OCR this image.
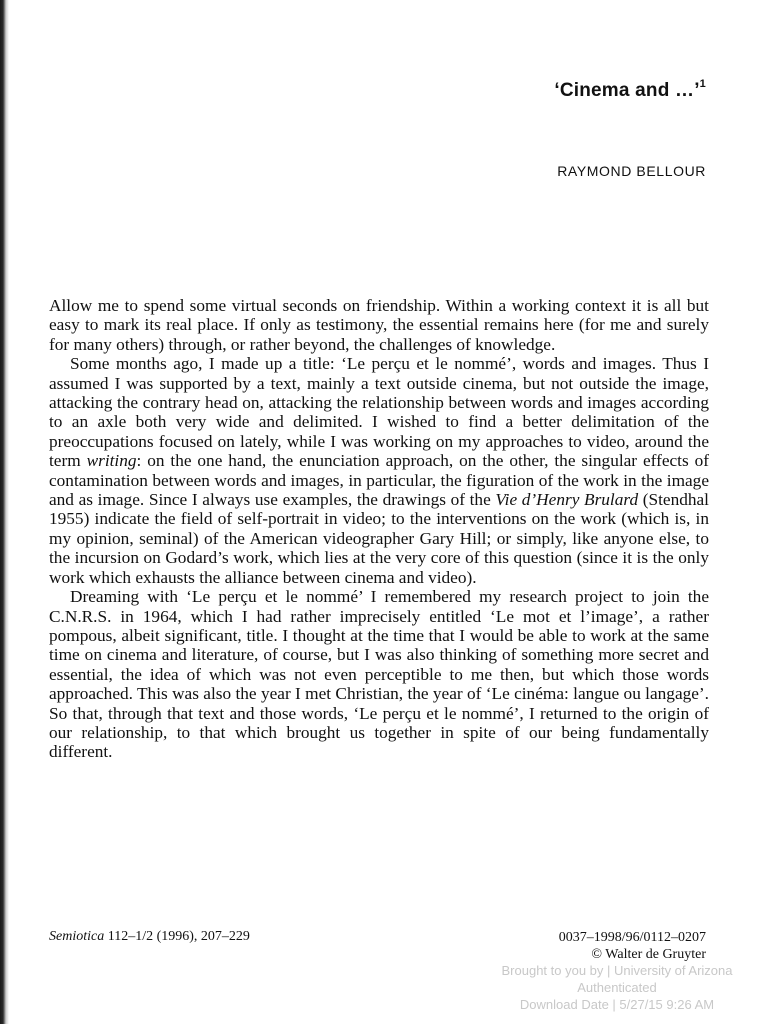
‘Cinema and …’$^1$
RAYMOND BELLOUR

Allow me to spend some virtual seconds on friendship. Within a working context it is all but easy to mark its real place. If only as testimony, the essential remains here (for me and surely for many others) through, or rather beyond, the challenges of knowledge.

Some months ago, I made up a title: ‘Le perçu et le nommé’, words and images. Thus I assumed I was supported by a text, mainly a text outside cinema, but not outside the image, attacking the contrary head on, attacking the relationship between words and images according to an axle both very wide and delimited. I wished to find a better delimitation of the preoccupations focused on lately, while I was working on my approaches to video, around the term writing: on the one hand, the enunciation approach, on the other, the singular effects of contamination between words and images, in particular, the figuration of the work in the image and as image. Since I always use examples, the drawings of the Vie d’Henry Brulard (Stendhal 1955) indicate the field of self-portrait in video; to the interventions on the work (which is, in my opinion, seminal) of the American videographer Gary Hill; or simply, like anyone else, to the incursion on Godard’s work, which lies at the very core of this question (since it is the only work which exhausts the alliance between cinema and video).

Dreaming with ‘Le perçu et le nommé’ I remembered my research project to join the C.N.R.S. in 1964, which I had rather imprecisely entitled ‘Le mot et l’image’, a rather pompous, albeit significant, title. I thought at the time that I would be able to work at the same time on cinema and literature, of course, but I was also thinking of something more secret and essential, the idea of which was not even perceptible to me then, but which those words approached. This was also the year I met Christian, the year of ‘Le cinéma: langue ou langage’. So that, through that text and those words, ‘Le perçu et le nommé’, I returned to the origin of our relationship, to that which brought us together in spite of our being fundamentally different.

Semiotica 112–1/2 (1996), 207–229	0037–1998/96/0112–0207
© Walter de Gruyter
Brought to you by | University of Arizona
Authenticated
Download Date | 5/27/15 9:26 AM
